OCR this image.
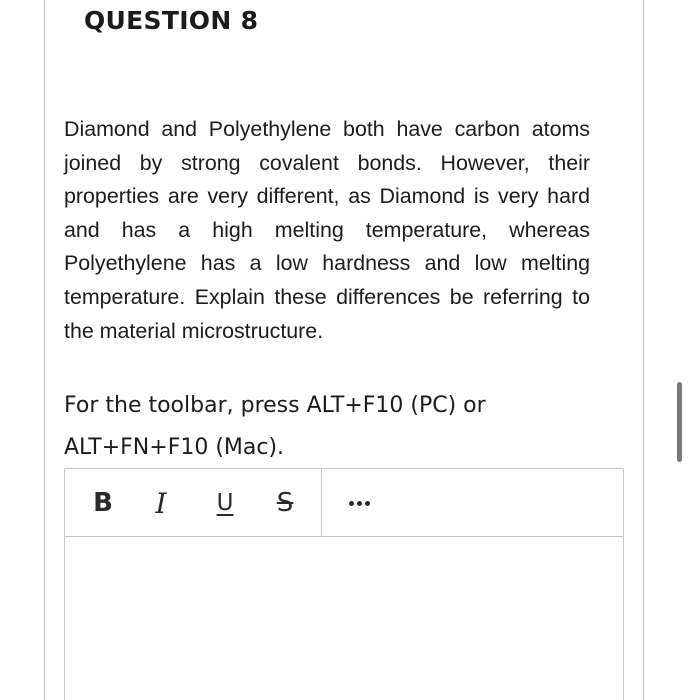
QUESTION 8
Diamond and Polyethylene both have carbon atoms joined by strong covalent bonds. However, their properties are very different, as Diamond is very hard and has a high melting temperature, whereas Polyethylene has a low hardness and low melting temperature. Explain these differences be referring to the material microstructure.
For the toolbar, press ALT+F10 (PC) or ALT+FN+F10 (Mac).
B	I	U	S
